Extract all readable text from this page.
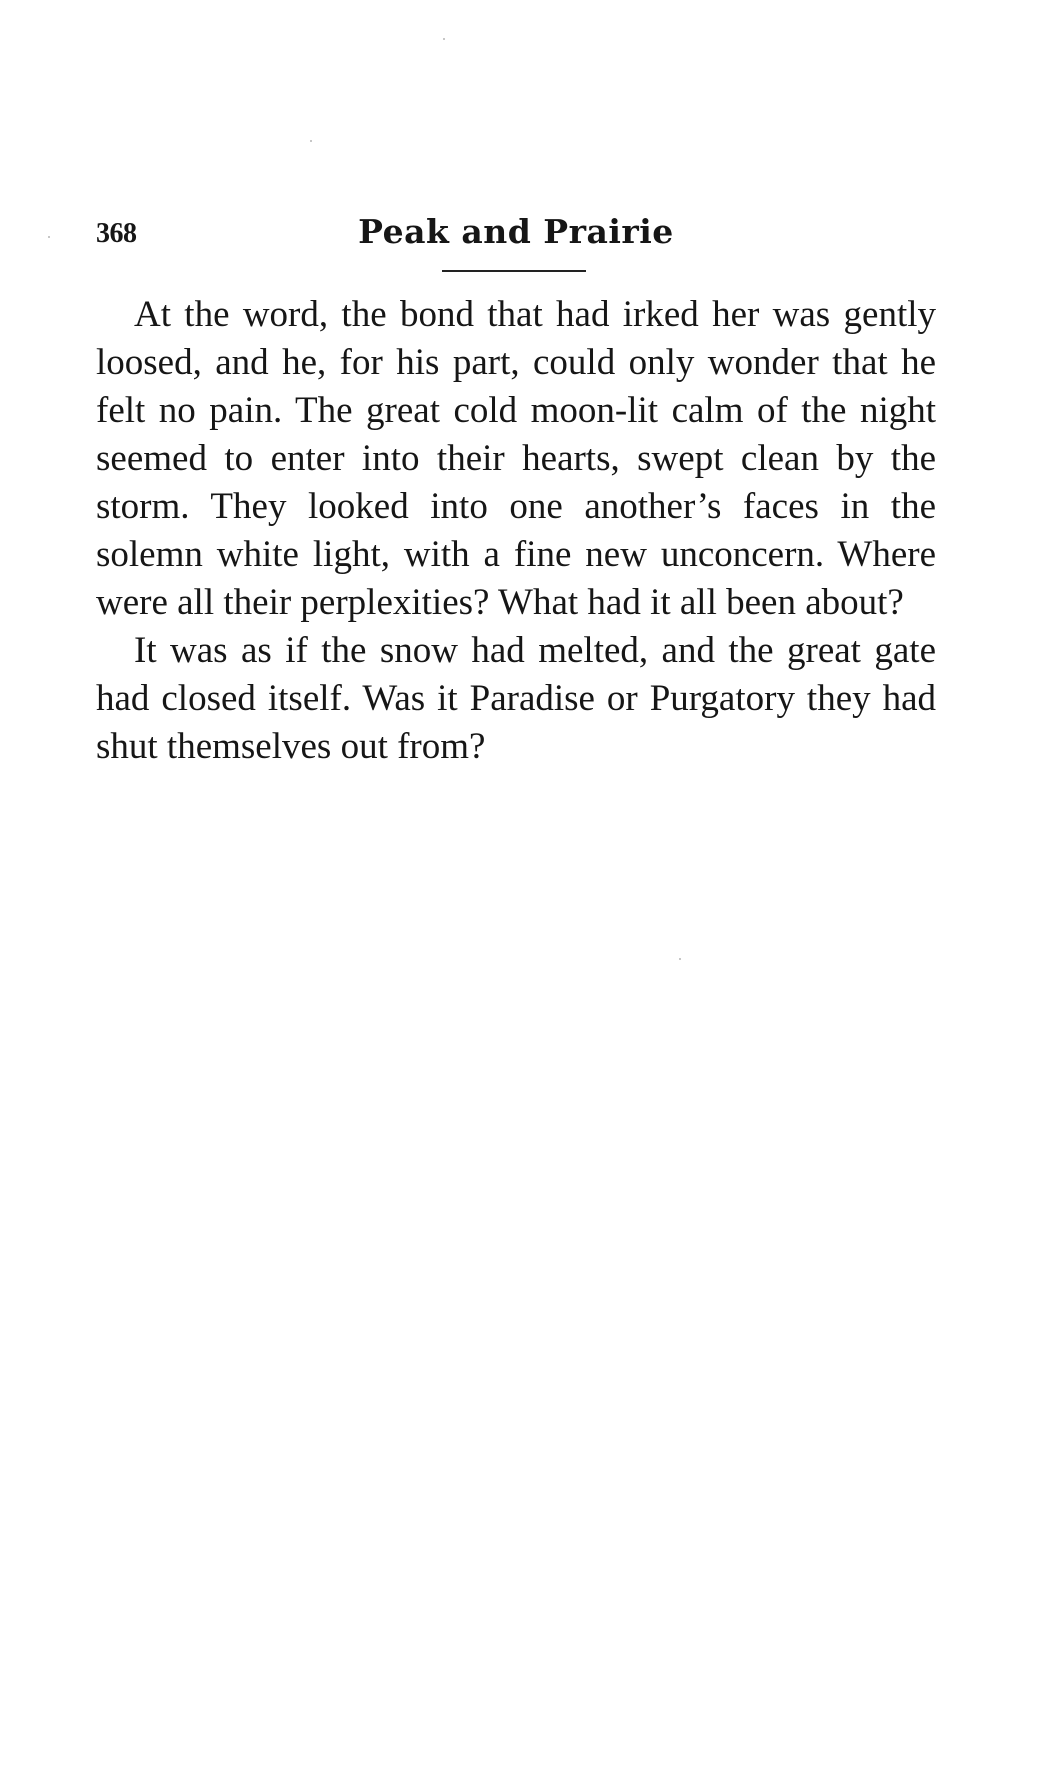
368	Peak and Prairie

At the word, the bond that had irked her was gently loosed, and he, for his part, could only wonder that he felt no pain. The great cold moon-lit calm of the night seemed to enter into their hearts, swept clean by the storm. They looked into one another’s faces in the solemn white light, with a fine new unconcern. Where were all their perplexities? What had it all been about?

It was as if the snow had melted, and the great gate had closed itself. Was it Paradise or Purgatory they had shut themselves out from?
